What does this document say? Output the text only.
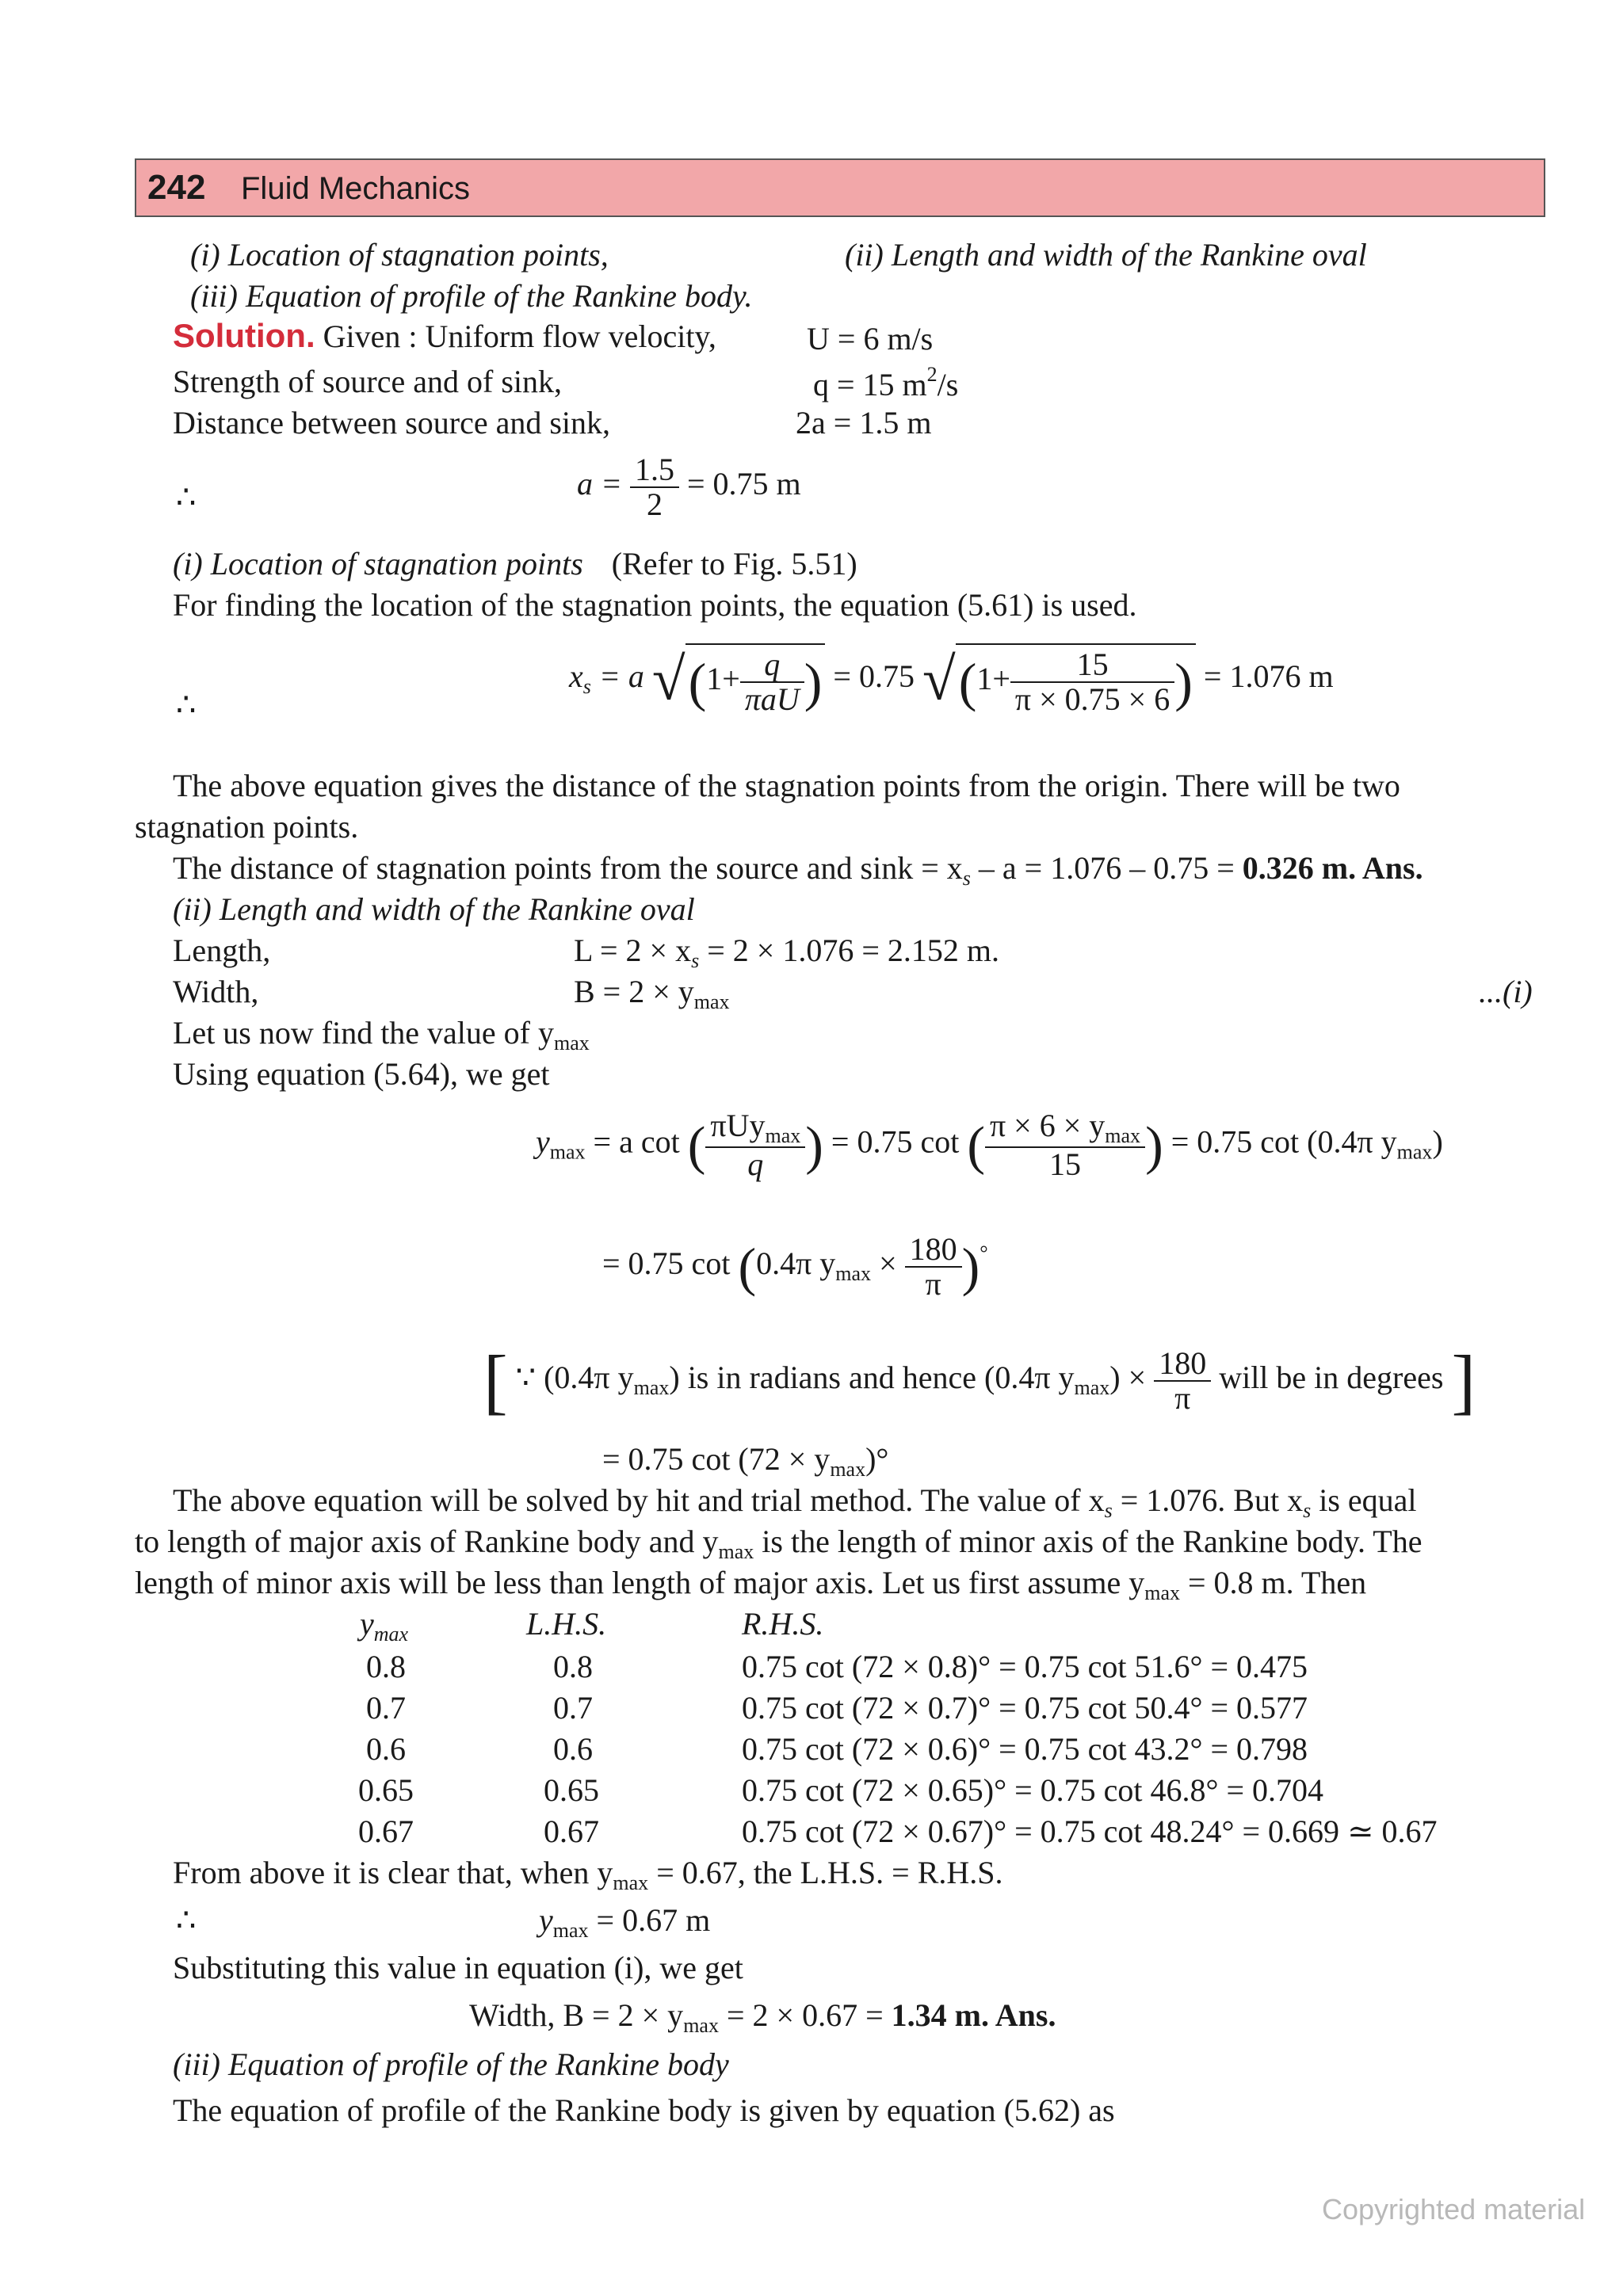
242 Fluid Mechanics
(i) Location of stagnation points,	(ii) Length and width of the Rankine oval
(iii) Equation of profile of the Rankine body.
Solution. Given : Uniform flow velocity,	U = 6 m/s
Strength of source and of sink,	q = 15 $m^2/s$
Distance between source and sink,	2a = 1.5 m
∴	$a = \frac{1.5}{2} = 0.75$ m
(i) Location of stagnation points (Refer to Fig. 5.51)
For finding the location of the stagnation points, the equation (5.61) is used.
∴
$x_s = a$ $√(1+ \frac{q}{\text{πaU}}$ ) = 0.75 $√(1+ \frac{15}{\pi \times 0.75 \times 6}$ ) = 1.076 m
The above equation gives the distance of the stagnation points from the origin. There will be two
stagnation points.
The distance of stagnation points from the source and $\sin k = x_s - a = 1.076 - 0.75 = 0.326$ m. Ans.
(ii) Length and width of the Rankine oval
Length,	$L = 2 \times x_s = 2 \times 1.076 = 2.152$ m.
Width,	$B = 2 \times y_{max}$	...(i)
Let us now find the value of $y_{max}$
Using equation (5.64), we get
$y_{max} = a$ cot ( $\frac{\pi Uy_{max}}{q}$ ) = 0.75 cot ( $\frac{\pi \times 6 \times y_{max}}{15}$ ) = 0.75 cot (0.4π $y_{max}$)
= 0.75 cot (0.4π $y_{max} \times \frac{180}{\pi} )^\circ$
[ ∵ (0.4π $y_{max}$) is in radians and hence (0.4π $y_{max}) \times \frac{180}{\pi}$ will be in degrees ]
= 0.75 $\cot (72 \times y_{max})^\circ$
The above equation will be solved by hit and trial method. The value of $x_s = 1.076$. But $x_s$ is equal
to length of major axis of Rankine body and $y_{max}$ is the length of minor axis of the Rankine body. The
length of minor axis will be less than length of major axis. Let us first assume $y_{max} = 0.8$ m. Then
$y_{max}$	L.H.S.	R.H.S.
0.8	0.8	0.75 cot (72 × 0.8)° = 0.75 cot 51.6° = 0.475
0.7	0.7	0.75 cot (72 × 0.7)° = 0.75 cot 50.4° = 0.577
0.6	0.6	0.75 cot (72 × 0.6)° = 0.75 cot 43.2° = 0.798
0.65	0.65	0.75 cot (72 × 0.65)° = 0.75 cot 46.8° = 0.704
0.67	0.67	0.75 cot (72 × 0.67)° = 0.75 cot 48.24° = 0.669 ≃ 0.67
From above it is clear that, when $y_{max} = 0.67$, the L.H.S. = R.H.S.
∴	$y_{max} = 0.67$ m
Substituting this value in equation (i), we get
Width, $B = 2 \times y_{max} = 2 \times 0.67 = 1.34$ m. Ans.
(iii) Equation of profile of the Rankine body
The equation of profile of the Rankine body is given by equation (5.62) as
Copyrighted material
